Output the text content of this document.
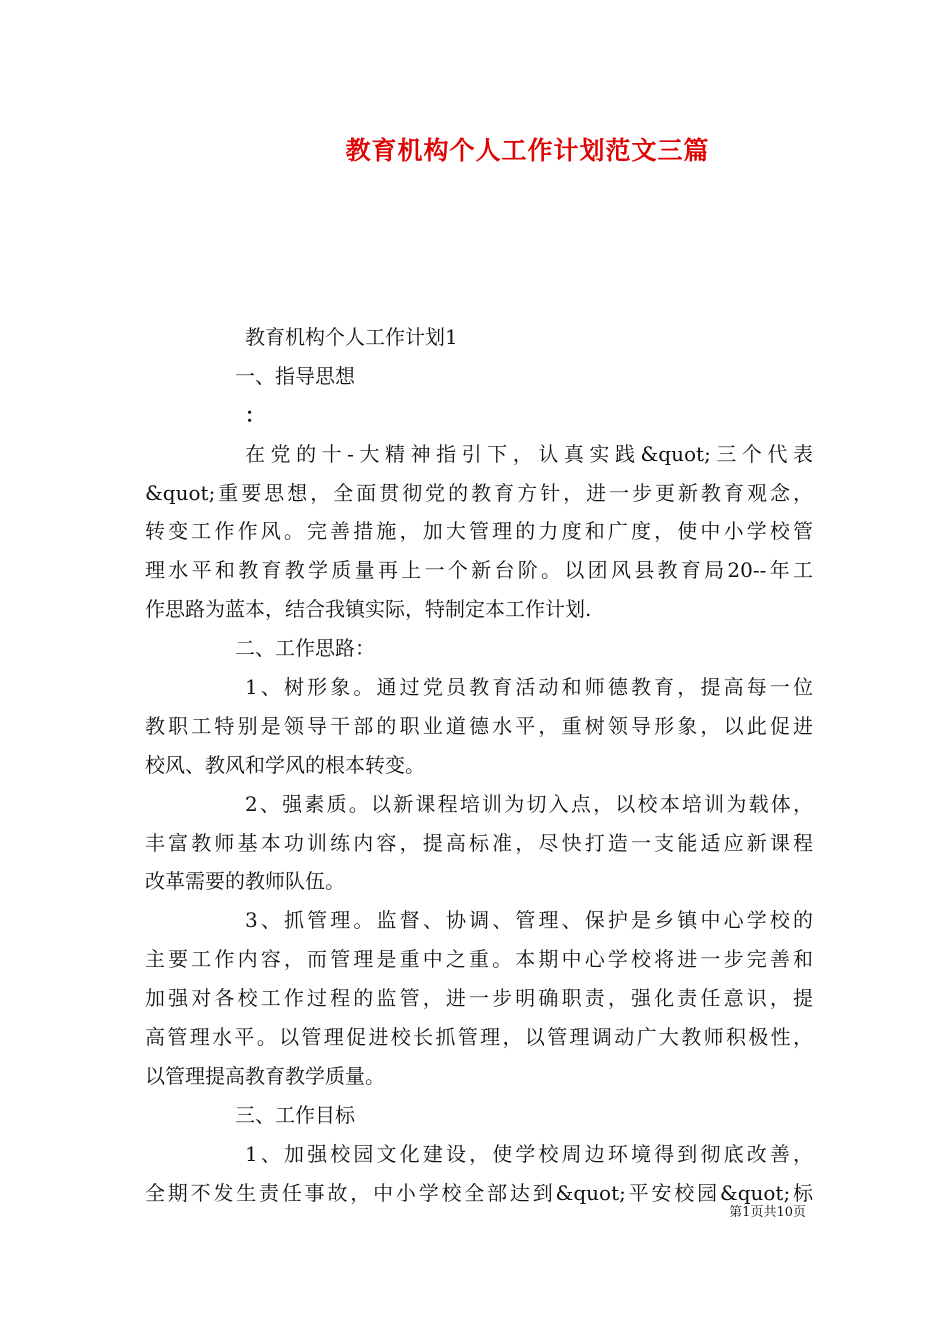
教育机构个人工作计划范文三篇
教育机构个人工作计划1
一、指导思想
：
在党的十-大精神指引下，认真实践&quot;三个代表
&quot;重要思想，全面贯彻党的教育方针，进一步更新教育观念，
转变工作作风。完善措施，加大管理的力度和广度，使中小学校管
理水平和教育教学质量再上一个新台阶。以团风县教育局20--年工
作思路为蓝本，结合我镇实际，特制定本工作计划.
二、工作思路：
1、树形象。通过党员教育活动和师德教育，提高每一位
教职工特别是领导干部的职业道德水平，重树领导形象，以此促进
校风、教风和学风的根本转变。
2、强素质。以新课程培训为切入点，以校本培训为载体，
丰富教师基本功训练内容，提高标准，尽快打造一支能适应新课程
改革需要的教师队伍。
3、抓管理。监督、协调、管理、保护是乡镇中心学校的
主要工作内容，而管理是重中之重。本期中心学校将进一步完善和
加强对各校工作过程的监管，进一步明确职责，强化责任意识，提
高管理水平。以管理促进校长抓管理，以管理调动广大教师积极性，
以管理提高教育教学质量。
三、工作目标
1、加强校园文化建设，使学校周边环境得到彻底改善，
全期不发生责任事故，中小学校全部达到&quot;平安校园&quot;标
第1页共10页
